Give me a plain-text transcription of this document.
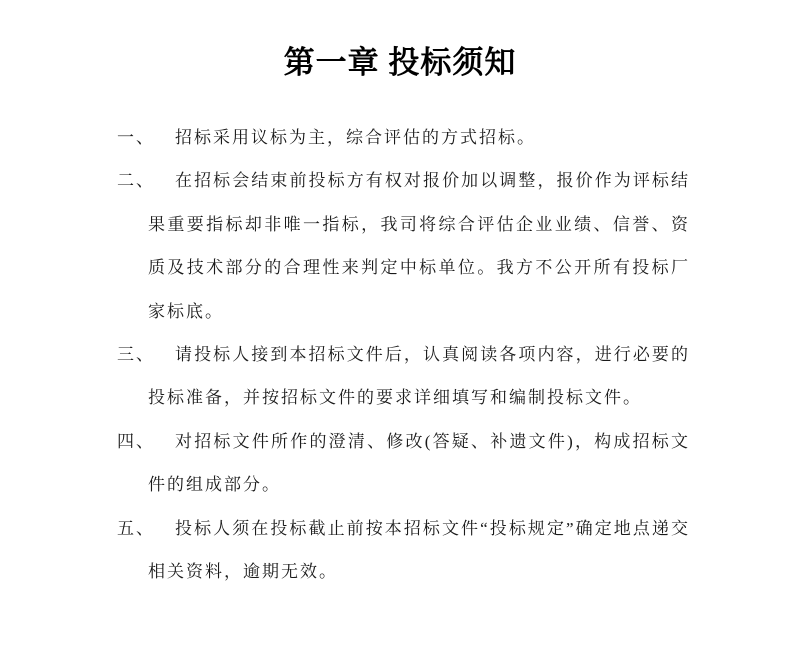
第一章 投标须知

一、 招标采用议标为主，综合评估的方式招标。

二、 在招标会结束前投标方有权对报价加以调整，报价作为评标结果重要指标却非唯一指标，我司将综合评估企业业绩、信誉、资质及技术部分的合理性来判定中标单位。我方不公开所有投标厂家标底。

三、 请投标人接到本招标文件后，认真阅读各项内容，进行必要的投标准备，并按招标文件的要求详细填写和编制投标文件。

四、 对招标文件所作的澄清、修改(答疑、补遗文件)，构成招标文件的组成部分。

五、 投标人须在投标截止前按本招标文件“投标规定”确定地点递交相关资料，逾期无效。
